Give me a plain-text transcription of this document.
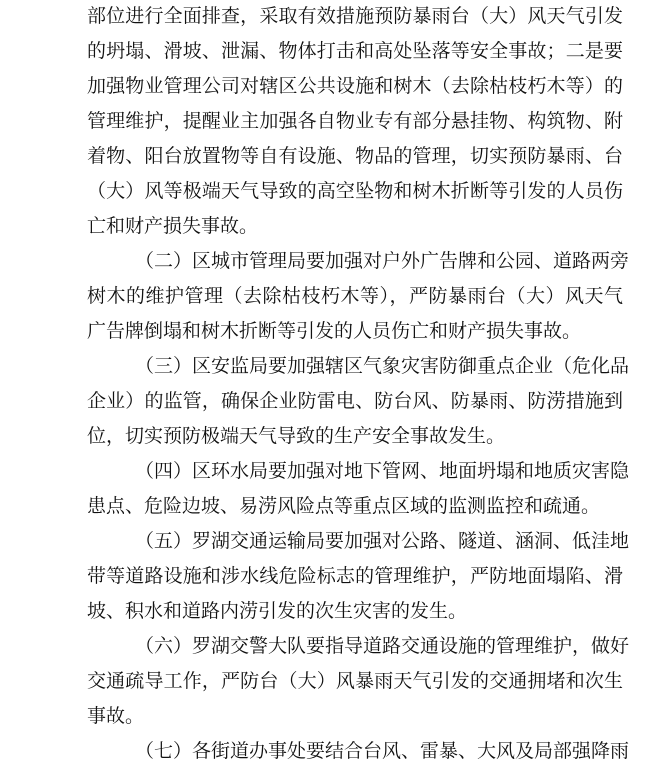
部位进行全面排查，采取有效措施预防暴雨台（大）风天气引发
的坍塌、滑坡、泄漏、物体打击和高处坠落等安全事故；二是要
加强物业管理公司对辖区公共设施和树木（去除枯枝朽木等）的
管理维护，提醒业主加强各自物业专有部分悬挂物、构筑物、附
着物、阳台放置物等自有设施、物品的管理，切实预防暴雨、台
（大）风等极端天气导致的高空坠物和树木折断等引发的人员伤
亡和财产损失事故。
（二）区城市管理局要加强对户外广告牌和公园、道路两旁
树木的维护管理（去除枯枝朽木等），严防暴雨台（大）风天气
广告牌倒塌和树木折断等引发的人员伤亡和财产损失事故。
（三）区安监局要加强辖区气象灾害防御重点企业（危化品
企业）的监管，确保企业防雷电、防台风、防暴雨、防涝措施到
位，切实预防极端天气导致的生产安全事故发生。
（四）区环水局要加强对地下管网、地面坍塌和地质灾害隐
患点、危险边坡、易涝风险点等重点区域的监测监控和疏通。
（五）罗湖交通运输局要加强对公路、隧道、涵洞、低洼地
带等道路设施和涉水线危险标志的管理维护，严防地面塌陷、滑
坡、积水和道路内涝引发的次生灾害的发生。
（六）罗湖交警大队要指导道路交通设施的管理维护，做好
交通疏导工作，严防台（大）风暴雨天气引发的交通拥堵和次生
事故。
（七）各街道办事处要结合台风、雷暴、大风及局部强降雨
